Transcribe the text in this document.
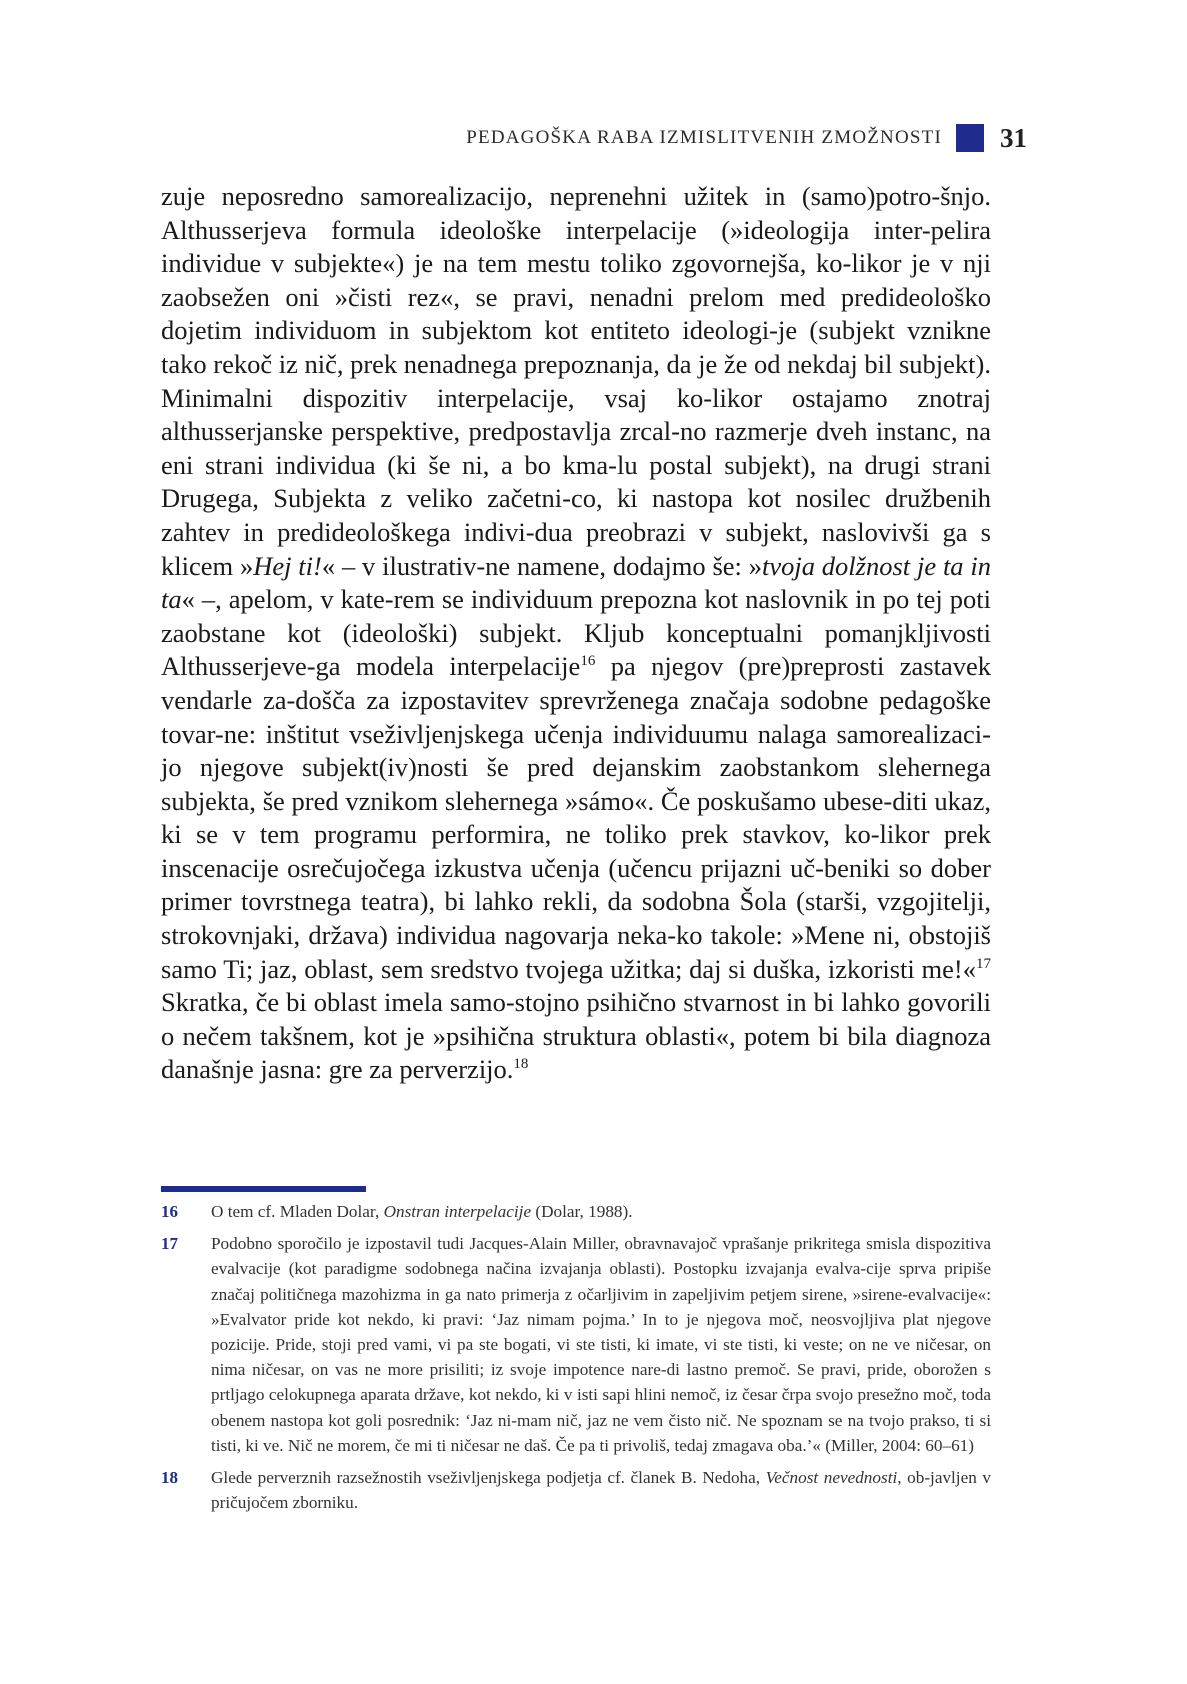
PEDAGOŠKA RABA IZMISLITVENIH ZMOŽNOSTI 31

zuje neposredno samorealizacijo, neprenehni užitek in (samo)potro-šnjo. Althusserjeva formula ideološke interpelacije (»ideologija inter-pelira individue v subjekte«) je na tem mestu toliko zgovornejša, ko-likor je v nji zaobsežen oni »čisti rez«, se pravi, nenadni prelom med predideološko dojetim individuom in subjektom kot entiteto ideologi-je (subjekt vznikne tako rekoč iz nič, prek nenadnega prepoznanja, da je že od nekdaj bil subjekt). Minimalni dispozitiv interpelacije, vsaj ko-likor ostajamo znotraj althusserjanske perspektive, predpostavlja zrcal-no razmerje dveh instanc, na eni strani individua (ki še ni, a bo kma-lu postal subjekt), na drugi strani Drugega, Subjekta z veliko začetni-co, ki nastopa kot nosilec družbenih zahtev in predideološkega indivi-dua preobrazi v subjekt, naslovivši ga s klicem »Hej ti!« – v ilustrativ-ne namene, dodajmo še: »tvoja dolžnost je ta in ta« –, apelom, v kate-rem se individuum prepozna kot naslovnik in po tej poti zaobstane kot (ideološki) subjekt. Kljub konceptualni pomanjkljivosti Althusserjeve-ga modela interpelacije$^{16}$ pa njegov (pre)preprosti zastavek vendarle za-došča za izpostavitev sprevrženega značaja sodobne pedagoške tovar-ne: inštitut vseživljenjskega učenja individuumu nalaga samorealizaci-jo njegove subjekt(iv)nosti še pred dejanskim zaobstankom slehernega subjekta, še pred vznikom slehernega »sámo«. Če poskušamo ubese-diti ukaz, ki se v tem programu performira, ne toliko prek stavkov, ko-likor prek inscenacije osrečujočega izkustva učenja (učencu prijazni uč-beniki so dober primer tovrstnega teatra), bi lahko rekli, da sodobna Šola (starši, vzgojitelji, strokovnjaki, država) individua nagovarja neka-ko takole: »Mene ni, obstojiš samo Ti; jaz, oblast, sem sredstvo tvojega užitka; daj si duška, izkoristi me!«$^{17}$ Skratka, če bi oblast imela samo-stojno psihično stvarnost in bi lahko govorili o nečem takšnem, kot je »psihična struktura oblasti«, potem bi bila diagnoza današnje jasna: gre za perverzijo.$^{18}$

16	O tem cf. Mladen Dolar, Onstran interpelacije (Dolar, 1988).
17	Podobno sporočilo je izpostavil tudi Jacques-Alain Miller, obravnavajoč vprašanje prikritega smisla dispozitiva evalvacije (kot paradigme sodobnega načina izvajanja oblasti). Postopku izvajanja evalva-cije sprva pripiše značaj političnega mazohizma in ga nato primerja z očarljivim in zapeljivim petjem sirene, »sirene-evalvacije«: »Evalvator pride kot nekdo, ki pravi: ‘Jaz nimam pojma.’ In to je njegova moč, neosvojljiva plat njegove pozicije. Pride, stoji pred vami, vi pa ste bogati, vi ste tisti, ki imate, vi ste tisti, ki veste; on ne ve ničesar, on nima ničesar, on vas ne more prisiliti; iz svoje impotence nare-di lastno premoč. Se pravi, pride, oborožen s prtljago celokupnega aparata države, kot nekdo, ki v isti sapi hlini nemoč, iz česar črpa svojo presežno moč, toda obenem nastopa kot goli posrednik: ‘Jaz ni-mam nič, jaz ne vem čisto nič. Ne spoznam se na tvojo prakso, ti si tisti, ki ve. Nič ne morem, če mi ti ničesar ne daš. Če pa ti privoliš, tedaj zmagava oba.’« (Miller, 2004: 60–61)
18	Glede perverznih razsežnostih vseživljenjskega podjetja cf. članek B. Nedoha, Večnost nevednosti, ob-javljen v pričujočem zborniku.
